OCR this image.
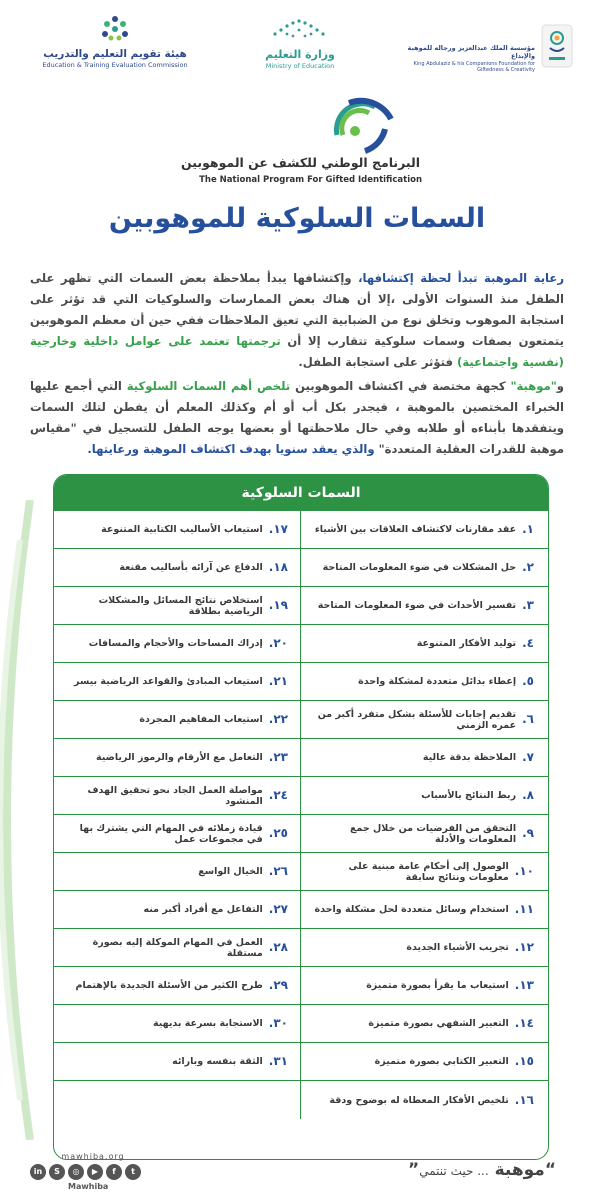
هيئة تقويم التعليم والتدريب
Education & Training Evaluation Commission
وزارة التعليم
Ministry of Education
مؤسسة الملك عبدالعزيز ورجاله للموهبة والإبداع
King Abdulaziz & his Companions Foundation for Giftedness & Creativity
البرنامج الوطني للكشف عن الموهوبين
The National Program For Gifted Identification
السمات السلوكية للموهوبين
رعاية الموهبة تبدأ لحظة إكتشافها، وإكتشافها يبدأ بملاحظة بعض السمات التي تظهر على الطفل منذ السنوات الأولى ،إلا أن هناك بعض الممارسات والسلوكيات التي قد تؤثر على استجابة الموهوب وتخلق نوع من الضبابية التي تعيق الملاحظات ففي حين أن معظم الموهوبين يتمتعون بصفات وسمات سلوكية تتقارب إلا أن ترجمتها تعتمد على عوامل داخلية وخارجية (نفسية واجتماعية) فتؤثر على استجابة الطفل.
و"موهبة" كجهة مختصة في اكتشاف الموهوبين تلخص أهم السمات السلوكية التي أجمع عليها الخبراء المختصين بالموهبة ، فيجدر بكل أب أو أم وكذلك المعلم أن يفطن لتلك السمات ويتفقدها بأبناءه أو طلابه وفي حال ملاحظتها أو بعضها يوجه الطفل للتسجيل في "مقياس موهبة للقدرات العقلية المتعددة" والذي يعقد سنويا بهدف اكتشاف الموهبة ورعايتها.
السمات السلوكية
١.
عقد مقارنات لاكتشاف العلاقات بين الأشياء
٢.
حل المشكلات في ضوء المعلومات المتاحة
٣.
تفسير الأحداث في ضوء المعلومات المتاحة
٤.
توليد الأفكار المتنوعة
٥.
إعطاء بدائل متعددة لمشكلة واحدة
٦.
تقديم إجابات للأسئلة بشكل متفرد أكبر من عمره الزمني
٧.
الملاحظة بدقة عالية
٨.
ربط النتائج بالأسباب
٩.
التحقق من الفرضيات من خلال جمع المعلومات والأدلة
١٠.
الوصول إلى أحكام عامة مبنية على معلومات ونتائج سابقة
١١.
استخدام وسائل متعددة لحل مشكلة واحدة
١٢.
تجريب الأشياء الجديدة
١٣.
استيعاب ما يقرأ بصورة متميزة
١٤.
التعبير الشفهي بصورة متميزة
١٥.
التعبير الكتابي بصورة متميزة
١٦.
تلخيص الأفكار المعطاة له بوضوح ودقة
١٧.
استيعاب الأساليب الكتابية المتنوعة
١٨.
الدفاع عن آرائه بأساليب مقنعة
١٩.
استخلاص نتائج المسائل والمشكلات الرياضية بطلاقة
٢٠.
إدراك المساحات والأحجام والمسافات
٢١.
استيعاب المبادئ والقواعد الرياضية بيسر
٢٢.
استيعاب المفاهيم المجردة
٢٣.
التعامل مع الأرقام والرموز الرياضية
٢٤.
مواصلة العمل الجاد نحو تحقيق الهدف المنشود
٢٥.
قيادة زملائه في المهام التي يشترك بها في مجموعات عمل
٢٦.
الخيال الواسع
٢٧.
التفاعل مع أفراد أكبر منه
٢٨.
العمل في المهام الموكلة إليه بصورة مستقلة
٢٩.
طرح الكثير من الأسئلة الجديدة بالإهتمام
٣٠.
الاستجابة بسرعة بديهية
٣١.
الثقة بنفسه وبارائه
mawhiba.org
in	S	◎	▶	f	t
Mawhiba
“موهبة ... حيث تنتمي”
